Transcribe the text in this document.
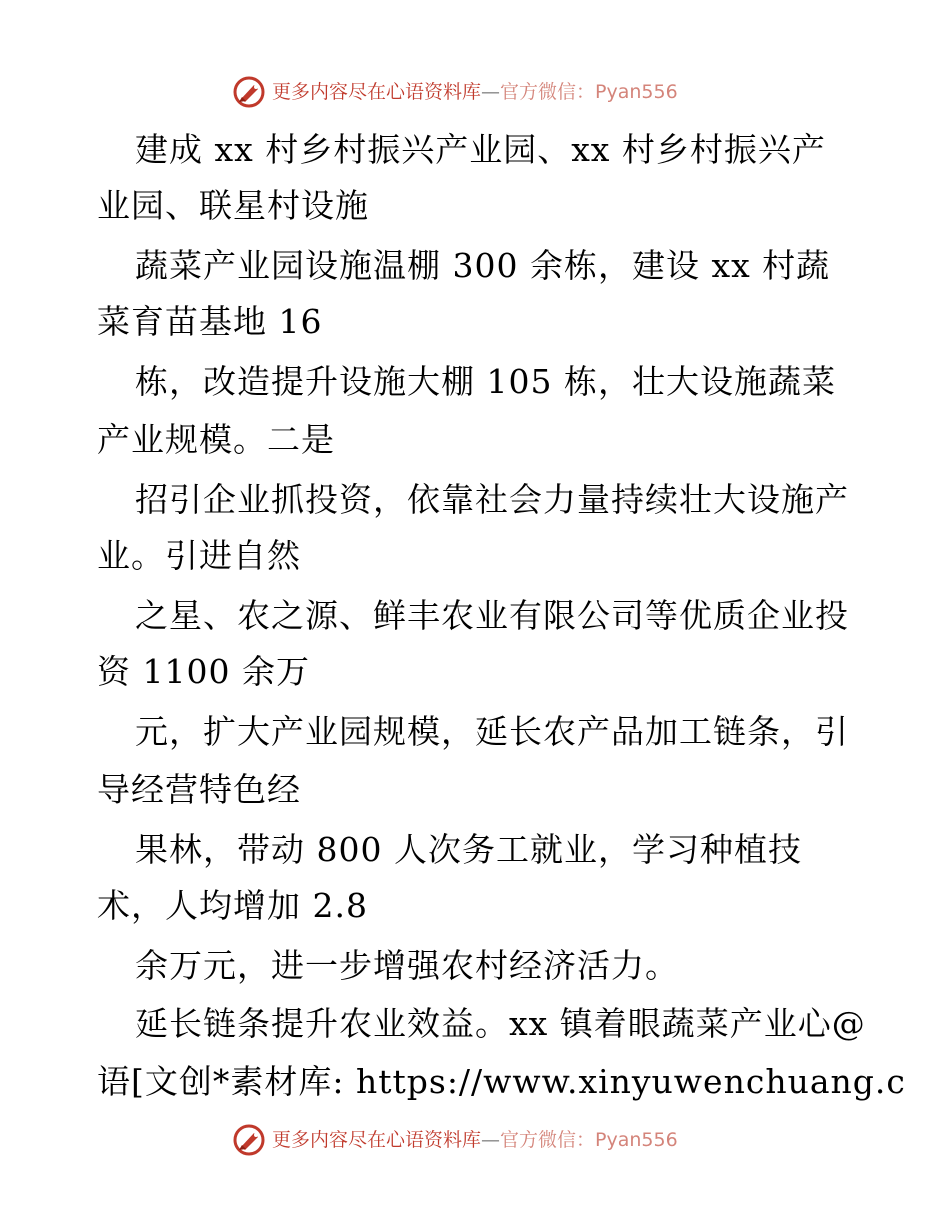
更多内容尽在心语资料库—官方微信：Pyan556
建成 xx 村乡村振兴产业园、xx 村乡村振兴产
业园、联星村设施
蔬菜产业园设施温棚 300 余栋，建设 xx 村蔬
菜育苗基地 16
栋，改造提升设施大棚 105 栋，壮大设施蔬菜
产业规模。二是
招引企业抓投资，依靠社会力量持续壮大设施产
业。引进自然
之星、农之源、鲜丰农业有限公司等优质企业投
资 1100 余万
元，扩大产业园规模，延长农产品加工链条，引
导经营特色经
果林，带动 800 人次务工就业，学习种植技
术，人均增加 2.8
余万元，进一步增强农村经济活力。
延长链条提升农业效益。xx 镇着眼蔬菜产业心@
语[文创*素材库: https://www.xinyuwenchuang.c
更多内容尽在心语资料库—官方微信：Pyan556
